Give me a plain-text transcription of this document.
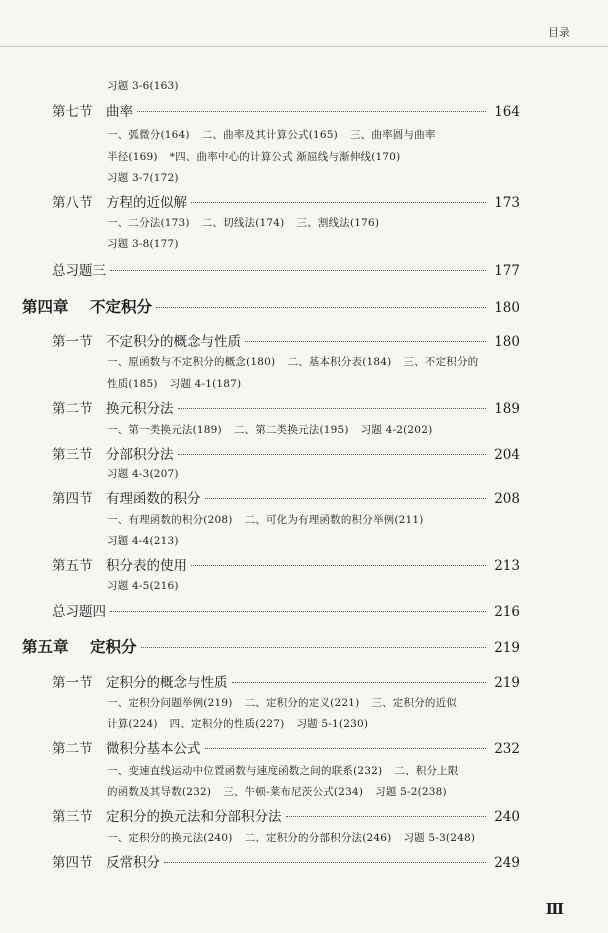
目录
习题 3-6(163)
第七节	曲率	164
一、弧微分(164) 二、曲率及其计算公式(165) 三、曲率圆与曲率
半径(169) *四、曲率中心的计算公式 渐屈线与渐伸线(170)
习题 3-7(172)
第八节	方程的近似解	173
一、二分法(173) 二、切线法(174) 三、割线法(176)
习题 3-8(177)
总习题三	177
第四章	不定积分	180
第一节	不定积分的概念与性质	180
一、原函数与不定积分的概念(180) 二、基本积分表(184) 三、不定积分的
性质(185) 习题 4-1(187)
第二节	换元积分法	189
一、第一类换元法(189) 二、第二类换元法(195) 习题 4-2(202)
第三节	分部积分法	204
习题 4-3(207)
第四节	有理函数的积分	208
一、有理函数的积分(208) 二、可化为有理函数的积分举例(211)
习题 4-4(213)
第五节	积分表的使用	213
习题 4-5(216)
总习题四	216
第五章	定积分	219
第一节	定积分的概念与性质	219
一、定积分问题举例(219) 二、定积分的定义(221) 三、定积分的近似
计算(224) 四、定积分的性质(227) 习题 5-1(230)
第二节	微积分基本公式	232
一、变速直线运动中位置函数与速度函数之间的联系(232) 二、积分上限
的函数及其导数(232) 三、牛顿-莱布尼茨公式(234) 习题 5-2(238)
第三节	定积分的换元法和分部积分法	240
一、定积分的换元法(240) 二、定积分的分部积分法(246) 习题 5-3(248)
第四节	反常积分	249
Ⅲ
